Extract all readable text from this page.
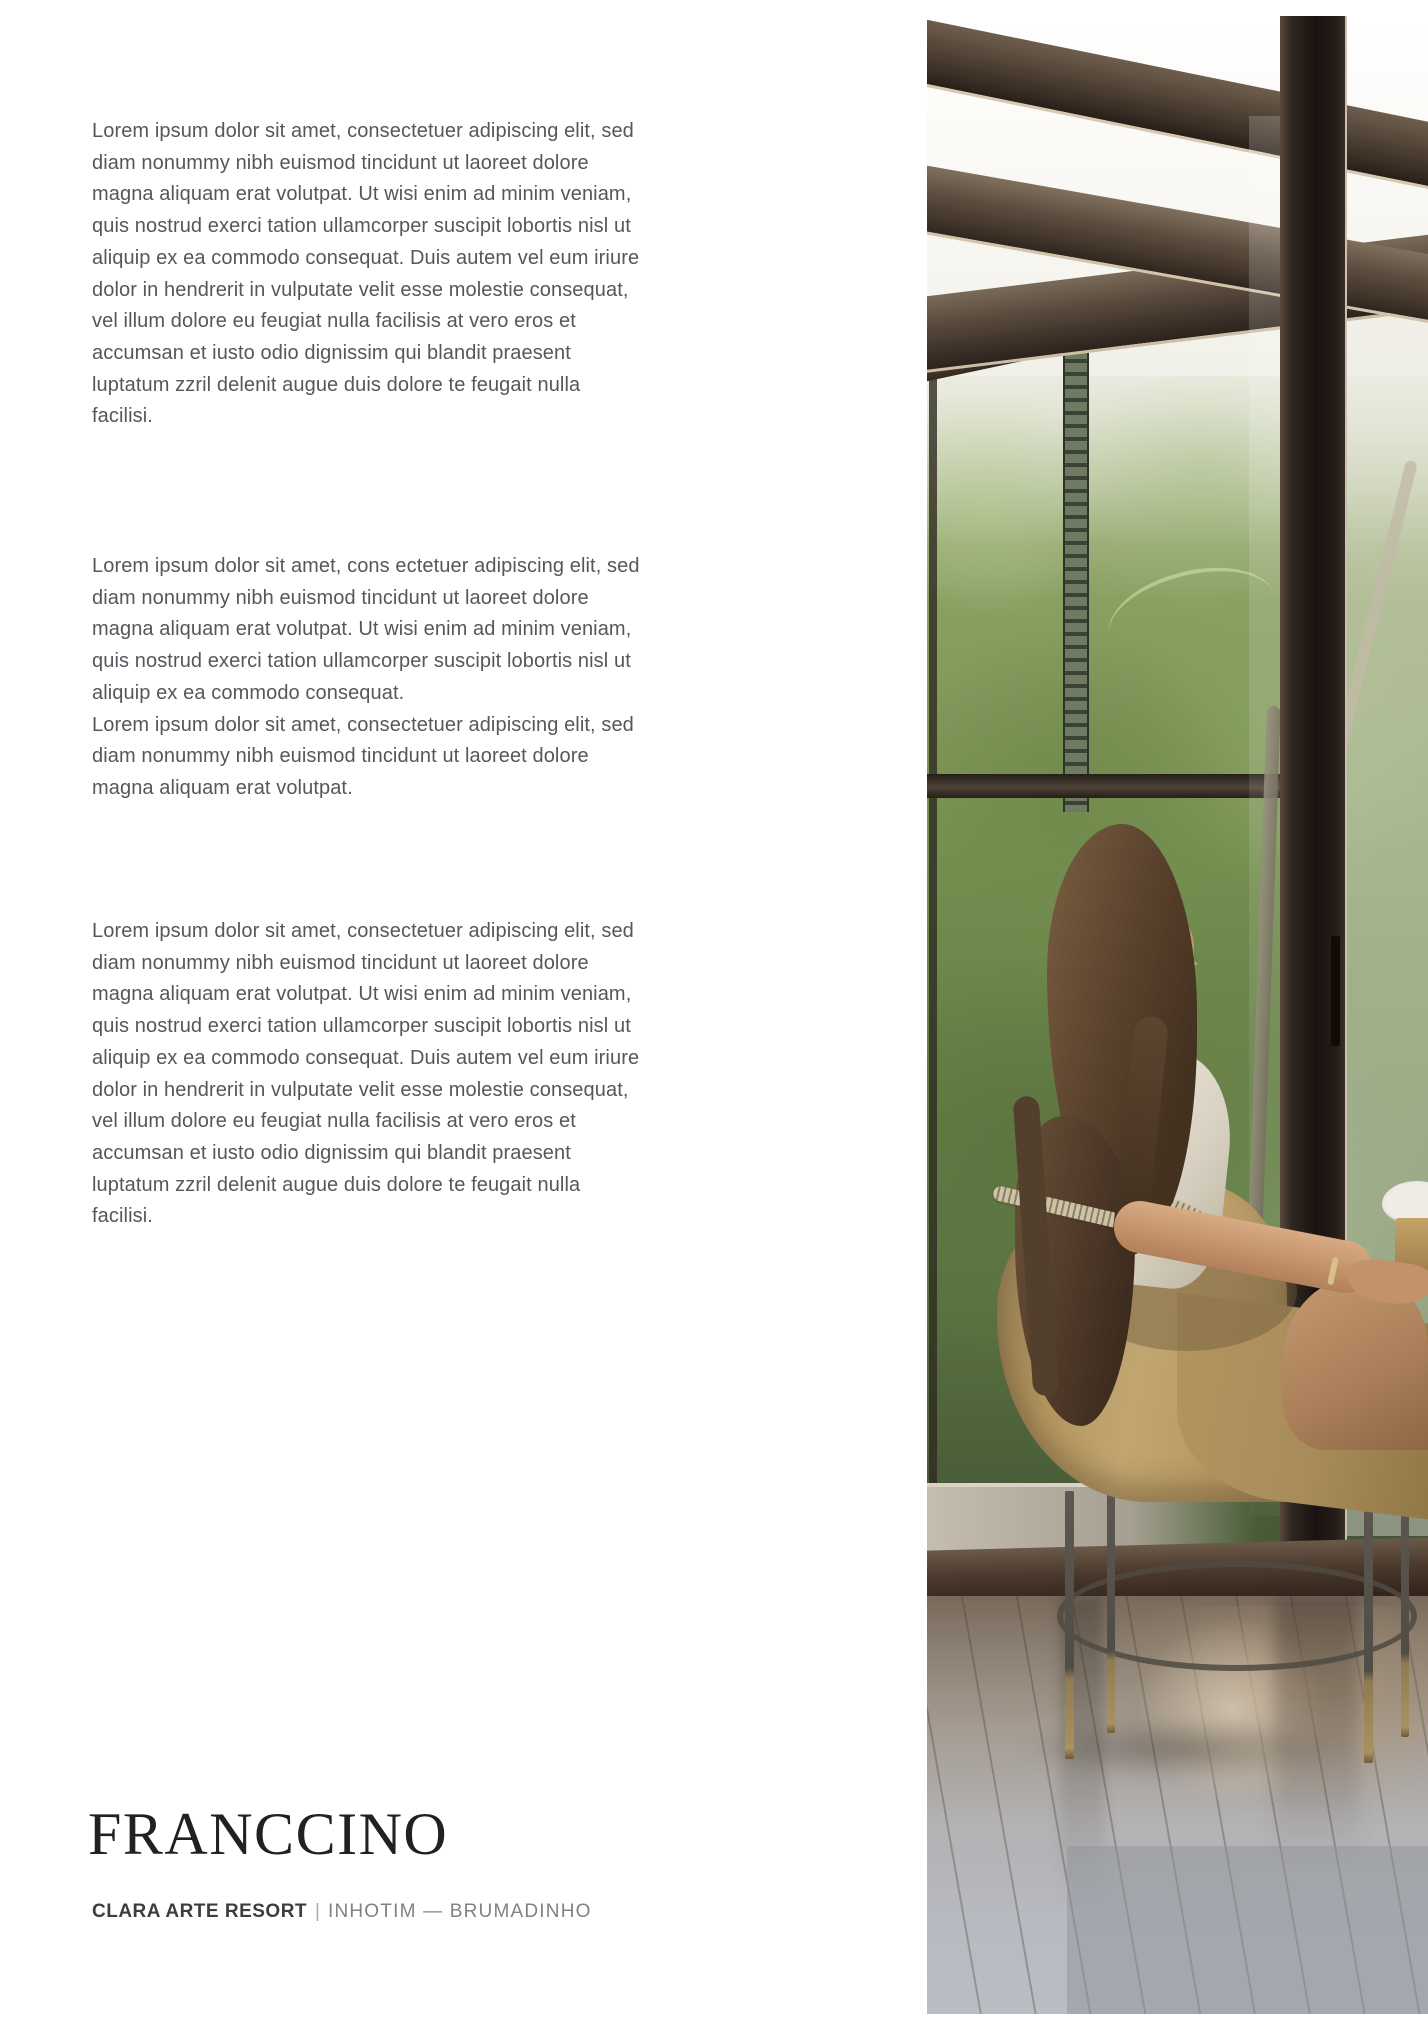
Lorem ipsum dolor sit amet, consectetuer adipiscing elit, sed
diam nonummy nibh euismod tincidunt ut laoreet dolore
magna aliquam erat volutpat. Ut wisi enim ad minim veniam,
quis nostrud exerci tation ullamcorper suscipit lobortis nisl ut
aliquip ex ea commodo consequat. Duis autem vel eum iriure
dolor in hendrerit in vulputate velit esse molestie consequat,
vel illum dolore eu feugiat nulla facilisis at vero eros et
accumsan et iusto odio dignissim qui blandit praesent
luptatum zzril delenit augue duis dolore te feugait nulla
facilisi.

Lorem ipsum dolor sit amet, cons ectetuer adipiscing elit, sed
diam nonummy nibh euismod tincidunt ut laoreet dolore
magna aliquam erat volutpat. Ut wisi enim ad minim veniam,
quis nostrud exerci tation ullamcorper suscipit lobortis nisl ut
aliquip ex ea commodo consequat.
Lorem ipsum dolor sit amet, consectetuer adipiscing elit, sed
diam nonummy nibh euismod tincidunt ut laoreet dolore
magna aliquam erat volutpat.

Lorem ipsum dolor sit amet, consectetuer adipiscing elit, sed
diam nonummy nibh euismod tincidunt ut laoreet dolore
magna aliquam erat volutpat. Ut wisi enim ad minim veniam,
quis nostrud exerci tation ullamcorper suscipit lobortis nisl ut
aliquip ex ea commodo consequat. Duis autem vel eum iriure
dolor in hendrerit in vulputate velit esse molestie consequat,
vel illum dolore eu feugiat nulla facilisis at vero eros et
accumsan et iusto odio dignissim qui blandit praesent
luptatum zzril delenit augue duis dolore te feugait nulla
facilisi.

FRANCCINO
CLARA ARTE RESORT | INHOTIM — BRUMADINHO
